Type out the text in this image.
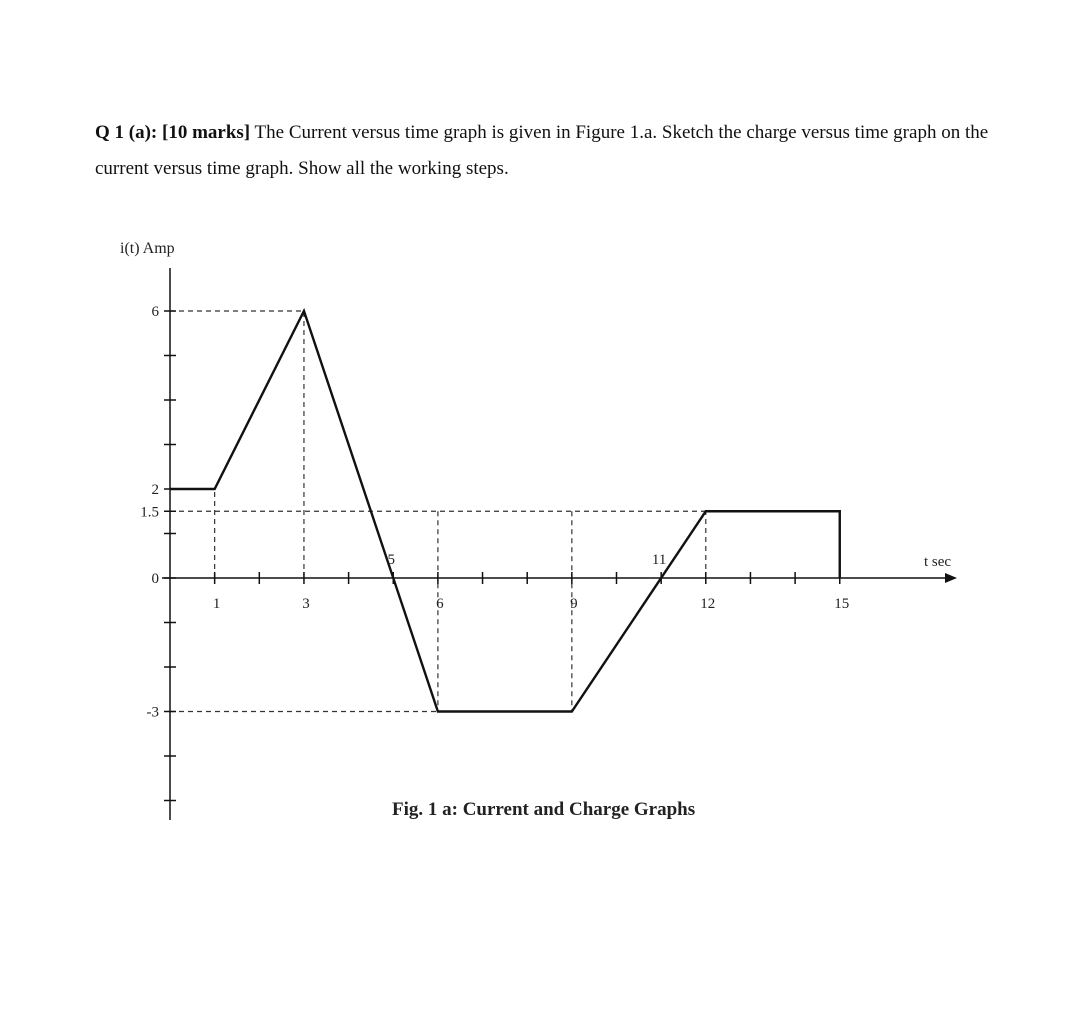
Q 1 (a): [10 marks] The Current versus time graph is given in Figure 1.a. Sketch the charge versus time graph on the current versus time graph. Show all the working steps.
1	3	6	9	12	15
5	11
6
2
1.5
0
-3
i(t) Amp
t sec
Fig. 1 a: Current and Charge Graphs
